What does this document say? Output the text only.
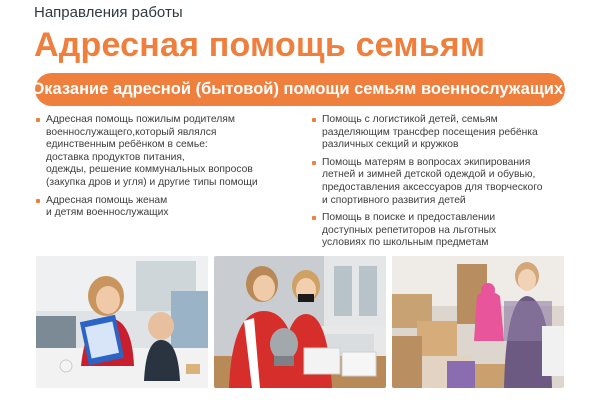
Направления работы
Адресная помощь семьям
Оказание адресной (бытовой) помощи семьям военнослужащих:
Адресная помощь пожилым родителям
военнослужащего,который являлся
единственным ребёнком в семье:
доставка продуктов питания,
одежды, решение коммунальных вопросов
(закупка дров и угля) и другие типы помощи
Адресная помощь женам
и детям военнослужащих
Помощь с логистикой детей, семьям
разделяющим трансфер посещения ребёнка
различных секций и кружков
Помощь матерям в вопросах экипирования
летней и зимней детской одеждой и обувью,
предоставления аксессуаров для творческого
и спортивного развития детей
Помощь в поиске и предоставлении
доступных репетиторов на льготных
условиях по школьным предметам
